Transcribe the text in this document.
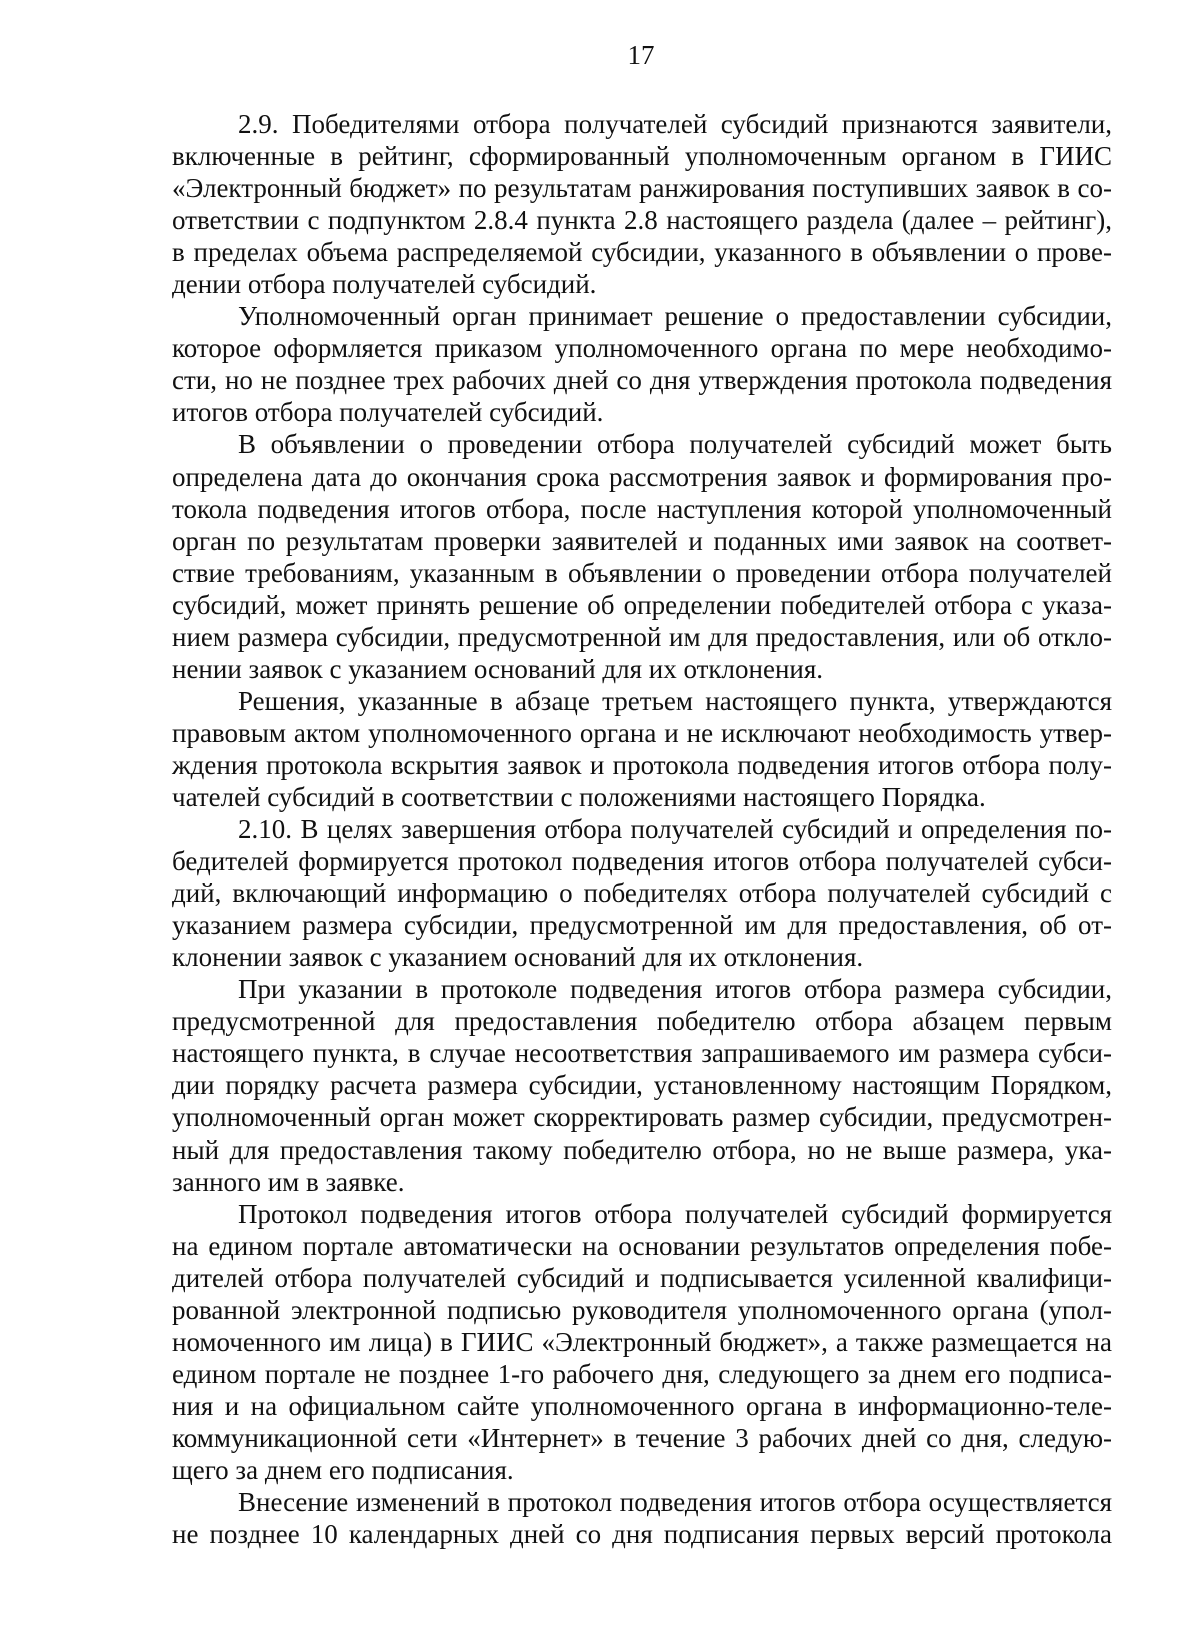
17

2.9. Победителями отбора получателей субсидий признаются заявители,
включенные в рейтинг, сформированный уполномоченным органом в ГИИС
«Электронный бюджет» по результатам ранжирования поступивших заявок в со-
ответствии с подпунктом 2.8.4 пункта 2.8 настоящего раздела (далее – рейтинг),
в пределах объема распределяемой субсидии, указанного в объявлении о прове-
дении отбора получателей субсидий.

Уполномоченный орган принимает решение о предоставлении субсидии,
которое оформляется приказом уполномоченного органа по мере необходимо-
сти, но не позднее трех рабочих дней со дня утверждения протокола подведения
итогов отбора получателей субсидий.

В объявлении о проведении отбора получателей субсидий может быть
определена дата до окончания срока рассмотрения заявок и формирования про-
токола подведения итогов отбора, после наступления которой уполномоченный
орган по результатам проверки заявителей и поданных ими заявок на соответ-
ствие требованиям, указанным в объявлении о проведении отбора получателей
субсидий, может принять решение об определении победителей отбора с указа-
нием размера субсидии, предусмотренной им для предоставления, или об откло-
нении заявок с указанием оснований для их отклонения.

Решения, указанные в абзаце третьем настоящего пункта, утверждаются
правовым актом уполномоченного органа и не исключают необходимость утвер-
ждения протокола вскрытия заявок и протокола подведения итогов отбора полу-
чателей субсидий в соответствии с положениями настоящего Порядка.

2.10. В целях завершения отбора получателей субсидий и определения по-
бедителей формируется протокол подведения итогов отбора получателей субси-
дий, включающий информацию о победителях отбора получателей субсидий с
указанием размера субсидии, предусмотренной им для предоставления, об от-
клонении заявок с указанием оснований для их отклонения.

При указании в протоколе подведения итогов отбора размера субсидии,
предусмотренной для предоставления победителю отбора абзацем первым
настоящего пункта, в случае несоответствия запрашиваемого им размера субси-
дии порядку расчета размера субсидии, установленному настоящим Порядком,
уполномоченный орган может скорректировать размер субсидии, предусмотрен-
ный для предоставления такому победителю отбора, но не выше размера, ука-
занного им в заявке.

Протокол подведения итогов отбора получателей субсидий формируется
на едином портале автоматически на основании результатов определения побе-
дителей отбора получателей субсидий и подписывается усиленной квалифици-
рованной электронной подписью руководителя уполномоченного органа (упол-
номоченного им лица) в ГИИС «Электронный бюджет», а также размещается на
едином портале не позднее 1-го рабочего дня, следующего за днем его подписа-
ния и на официальном сайте уполномоченного органа в информационно-теле-
коммуникационной сети «Интернет» в течение 3 рабочих дней со дня, следую-
щего за днем его подписания.

Внесение изменений в протокол подведения итогов отбора осуществляется
не позднее 10 календарных дней со дня подписания первых версий протокола
